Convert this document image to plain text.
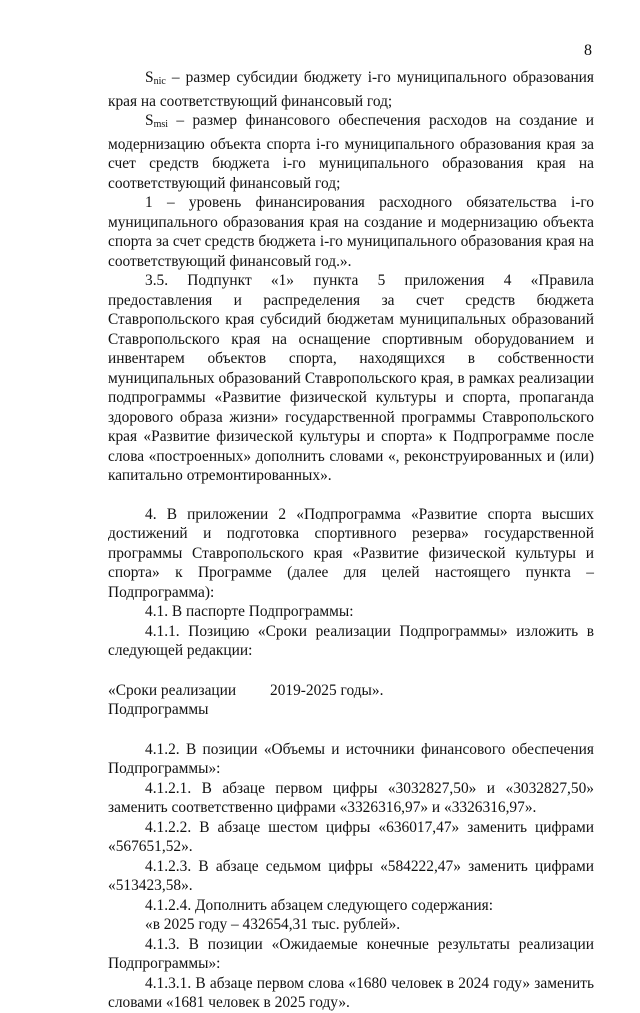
8

$S_{nic}$ – размер субсидии бюджету i-го муниципального образования края на соответствующий финансовый год;

$S_{msi}$ – размер финансового обеспечения расходов на создание и модернизацию объекта спорта i-го муниципального образования края за счет средств бюджета i-го муниципального образования края на соответствующий финансовый год;

1 – уровень финансирования расходного обязательства i-го муниципального образования края на создание и модернизацию объекта спорта за счет средств бюджета i-го муниципального образования края на соответствующий финансовый год.».

3.5. Подпункт «1» пункта 5 приложения 4 «Правила предоставления и распределения за счет средств бюджета Ставропольского края субсидий бюджетам муниципальных образований Ставропольского края на оснащение спортивным оборудованием и инвентарем объектов спорта, находящихся в собственности муниципальных образований Ставропольского края, в рамках реализации подпрограммы «Развитие физической культуры и спорта, пропаганда здорового образа жизни» государственной программы Ставропольского края «Развитие физической культуры и спорта» к Подпрограмме после слова «построенных» дополнить словами «, реконструированных и (или) капитально отремонтированных».

4. В приложении 2 «Подпрограмма «Развитие спорта высших достижений и подготовка спортивного резерва» государственной программы Ставропольского края «Развитие физической культуры и спорта» к Программе (далее для целей настоящего пункта – Подпрограмма):

4.1. В паспорте Подпрограммы:

4.1.1. Позицию «Сроки реализации Подпрограммы» изложить в следующей редакции:

«Сроки реализации
Подпрограммы
2019-2025 годы».

4.1.2. В позиции «Объемы и источники финансового обеспечения Подпрограммы»:

4.1.2.1. В абзаце первом цифры «3032827,50» и «3032827,50» заменить соответственно цифрами «3326316,97» и «3326316,97».

4.1.2.2. В абзаце шестом цифры «636017,47» заменить цифрами «567651,52».

4.1.2.3. В абзаце седьмом цифры «584222,47» заменить цифрами «513423,58».

4.1.2.4. Дополнить абзацем следующего содержания:

«в 2025 году – 432654,31 тыс. рублей».

4.1.3. В позиции «Ожидаемые конечные результаты реализации Подпрограммы»:

4.1.3.1. В абзаце первом слова «1680 человек в 2024 году» заменить словами «1681 человек в 2025 году».
